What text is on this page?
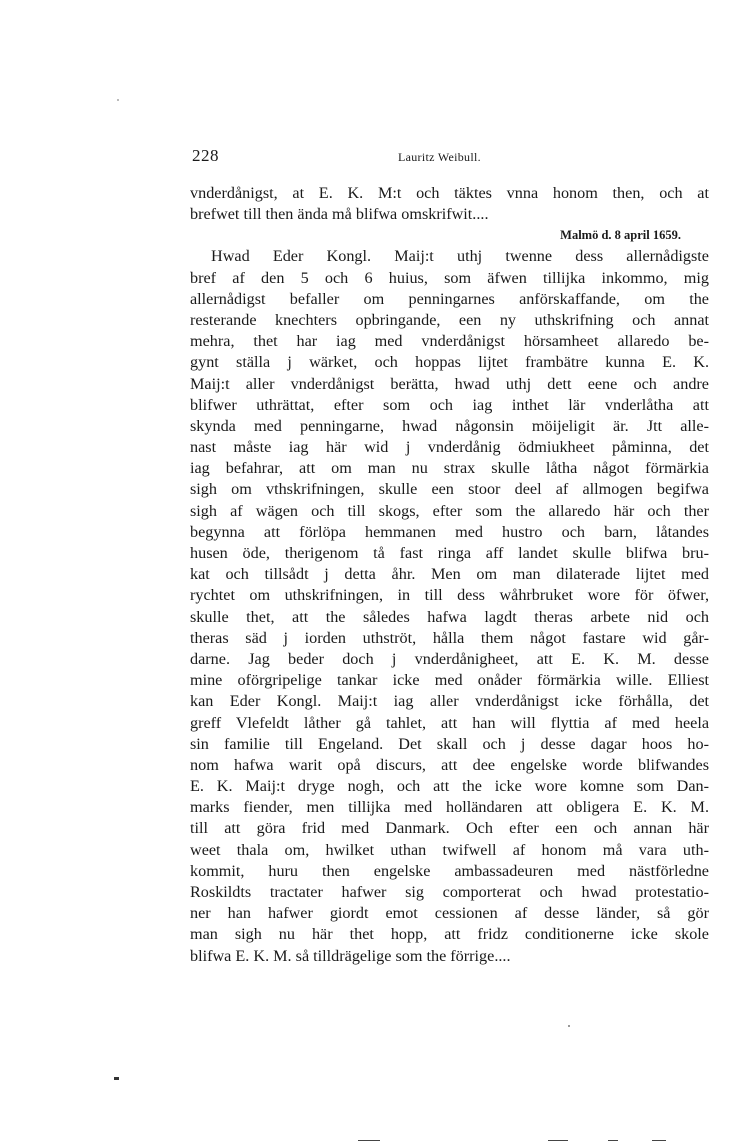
228	Lauritz Weibull.
vnderdånigst, at E. K. M:t och täktes vnna honom then, och at
brefwet till then ända må blifwa omskrifwit....
Malmö d. 8 april 1659.
Hwad Eder Kongl. Maij:t uthj twenne dess allernådigste
bref af den 5 och 6 huius, som äfwen tillijka inkommo, mig
allernådigst befaller om penningarnes anförskaffande, om the
resterande knechters opbringande, een ny uthskrifning och annat
mehra, thet har iag med vnderdånigst hörsamheet allaredo be-
gynt ställa j wärket, och hoppas lijtet frambätre kunna E. K.
Maij:t aller vnderdånigst berätta, hwad uthj dett eene och andre
blifwer uthrättat, efter som och iag inthet lär vnderlåtha att
skynda med penningarne, hwad någonsin möijeligit är. Jtt alle-
nast måste iag här wid j vnderdånig ödmiukheet påminna, det
iag befahrar, att om man nu strax skulle låtha något förmärkia
sigh om vthskrifningen, skulle een stoor deel af allmogen begifwa
sigh af wägen och till skogs, efter som the allaredo här och ther
begynna att förlöpa hemmanen med hustro och barn, låtandes
husen öde, therigenom tå fast ringa aff landet skulle blifwa bru-
kat och tillsådt j detta åhr. Men om man dilaterade lijtet med
rychtet om uthskrifningen, in till dess wåhrbruket wore för öfwer,
skulle thet, att the således hafwa lagdt theras arbete nid och
theras säd j iorden uthströt, hålla them något fastare wid går-
darne. Jag beder doch j vnderdånigheet, att E. K. M. desse
mine oförgripelige tankar icke med onåder förmärkia wille. Elliest
kan Eder Kongl. Maij:t iag aller vnderdånigst icke förhålla, det
greff Vlefeldt låther gå tahlet, att han will flyttia af med heela
sin familie till Engeland. Det skall och j desse dagar hoos ho-
nom hafwa warit opå discurs, att dee engelske worde blifwandes
E. K. Maij:t dryge nogh, och att the icke wore komne som Dan-
marks fiender, men tillijka med holländaren att obligera E. K. M.
till att göra frid med Danmark. Och efter een och annan här
weet thala om, hwilket uthan twifwell af honom må vara uth-
kommit, huru then engelske ambassadeuren med nästförledne
Roskildts tractater hafwer sig comporterat och hwad protestatio-
ner han hafwer giordt emot cessionen af desse länder, så gör
man sigh nu här thet hopp, att fridz conditionerne icke skole
blifwa E. K. M. så tilldrägelige som the förrige....
